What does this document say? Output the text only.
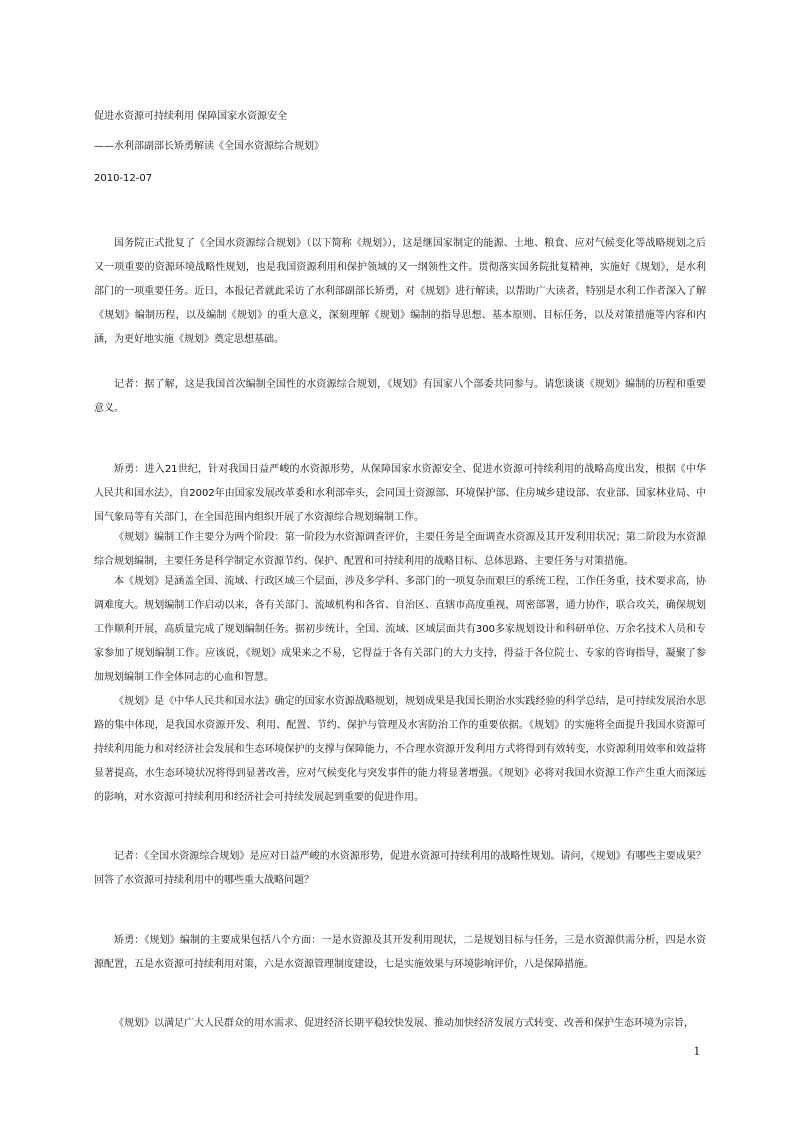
促进水资源可持续利用 保障国家水资源安全
——水利部副部长矫勇解读《全国水资源综合规划》
2010-12-07

国务院正式批复了《全国水资源综合规划》（以下简称《规划》），这是继国家制定的能源、土地、粮食、应对气候变化等战略规划之后又一项重要的资源环境战略性规划，也是我国资源利用和保护领域的又一纲领性文件。贯彻落实国务院批复精神，实施好《规划》，是水利部门的一项重要任务。近日，本报记者就此采访了水利部副部长矫勇，对《规划》进行解读，以帮助广大读者，特别是水利工作者深入了解《规划》编制历程，以及编制《规划》的重大意义，深刻理解《规划》编制的指导思想、基本原则、目标任务，以及对策措施等内容和内涵，为更好地实施《规划》奠定思想基础。

记者：据了解，这是我国首次编制全国性的水资源综合规划，《规划》有国家八个部委共同参与。请您谈谈《规划》编制的历程和重要意义。

矫勇：进入21世纪，针对我国日益严峻的水资源形势，从保障国家水资源安全、促进水资源可持续利用的战略高度出发，根据《中华人民共和国水法》，自2002年由国家发展改革委和水利部牵头，会同国土资源部、环境保护部、住房城乡建设部、农业部、国家林业局、中国气象局等有关部门，在全国范围内组织开展了水资源综合规划编制工作。

《规划》编制工作主要分为两个阶段：第一阶段为水资源调查评价，主要任务是全面调查水资源及其开发利用状况；第二阶段为水资源综合规划编制，主要任务是科学制定水资源节约、保护、配置和可持续利用的战略目标、总体思路、主要任务与对策措施。

本《规划》是涵盖全国、流域、行政区域三个层面，涉及多学科、多部门的一项复杂而艰巨的系统工程，工作任务重，技术要求高，协调难度大。规划编制工作启动以来，各有关部门、流域机构和各省、自治区、直辖市高度重视，周密部署，通力协作，联合攻关，确保规划工作顺利开展，高质量完成了规划编制任务。据初步统计，全国、流域、区域层面共有300多家规划设计和科研单位、万余名技术人员和专家参加了规划编制工作。应该说，《规划》成果来之不易，它得益于各有关部门的大力支持，得益于各位院士、专家的咨询指导，凝聚了参加规划编制工作全体同志的心血和智慧。

《规划》是《中华人民共和国水法》确定的国家水资源战略规划，规划成果是我国长期治水实践经验的科学总结，是可持续发展治水思路的集中体现，是我国水资源开发、利用、配置、节约、保护与管理及水害防治工作的重要依据。《规划》的实施将全面提升我国水资源可持续利用能力和对经济社会发展和生态环境保护的支撑与保障能力，不合理水资源开发利用方式将得到有效转变，水资源利用效率和效益将显著提高，水生态环境状况将得到显著改善，应对气候变化与突发事件的能力将显著增强。《规划》必将对我国水资源工作产生重大而深远的影响，对水资源可持续利用和经济社会可持续发展起到重要的促进作用。

记者：《全国水资源综合规划》是应对日益严峻的水资源形势，促进水资源可持续利用的战略性规划。请问，《规划》有哪些主要成果？回答了水资源可持续利用中的哪些重大战略问题？

矫勇：《规划》编制的主要成果包括八个方面：一是水资源及其开发利用现状，二是规划目标与任务，三是水资源供需分析，四是水资源配置，五是水资源可持续利用对策，六是水资源管理制度建设，七是实施效果与环境影响评价，八是保障措施。

《规划》以满足广大人民群众的用水需求、促进经济长期平稳较快发展、推动加快经济发展方式转变、改善和保护生态环境为宗旨，

1
